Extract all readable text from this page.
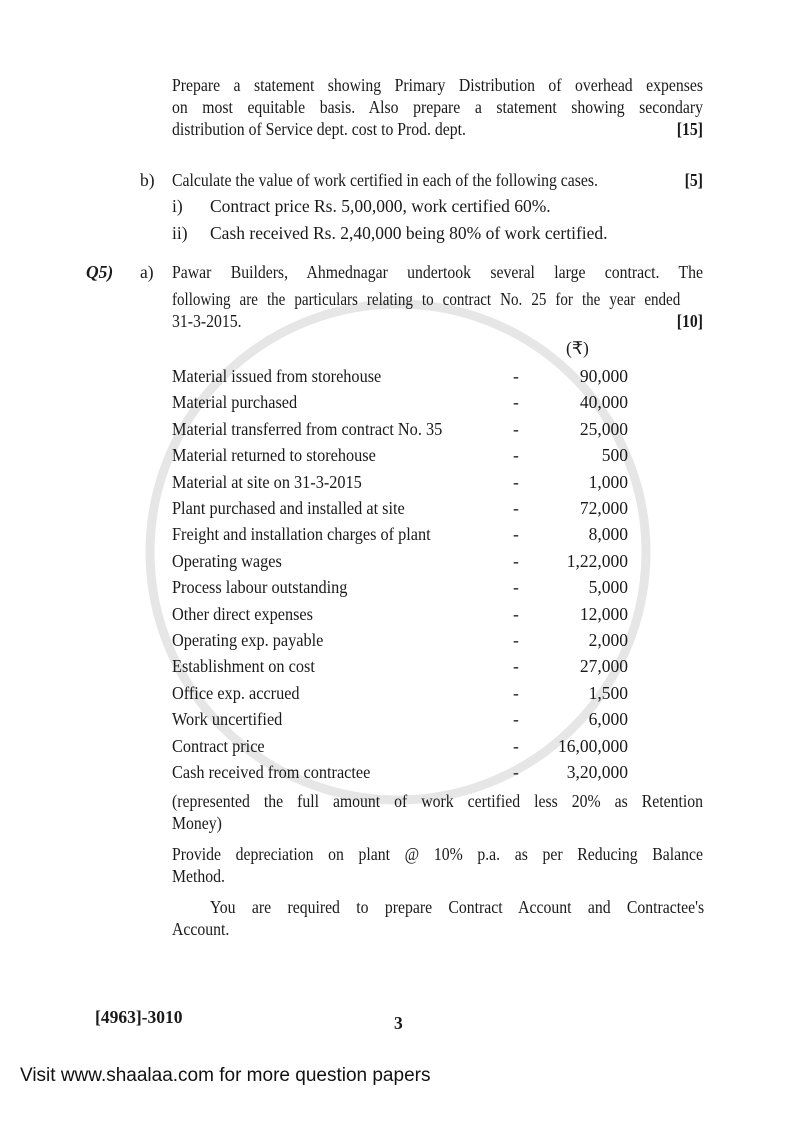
Prepare a statement showing Primary Distribution of overhead expenses
on most equitable basis. Also prepare a statement showing secondary
distribution of Service dept. cost to Prod. dept.	[15]
b) Calculate the value of work certified in each of the following cases.	[5]
i) Contract price Rs. 5,00,000, work certified 60%.
ii) Cash received Rs. 2,40,000 being 80% of work certified.
Q5) a) Pawar Builders, Ahmednagar undertook several large contract. The
following are the particulars relating to contract No. 25 for the year ended
31-3-2015.	[10]
(₹)
Material issued from storehouse	-	90,000
Material purchased	-	40,000
Material transferred from contract No. 35	-	25,000
Material returned to storehouse	-	500
Material at site on 31-3-2015	-	1,000
Plant purchased and installed at site	-	72,000
Freight and installation charges of plant	-	8,000
Operating wages	-	1,22,000
Process labour outstanding	-	5,000
Other direct expenses	-	12,000
Operating exp. payable	-	2,000
Establishment on cost	-	27,000
Office exp. accrued	-	1,500
Work uncertified	-	6,000
Contract price	- 16,00,000
Cash received from contractee	-	3,20,000
(represented the full amount of work certified less 20% as Retention
Money)
Provide depreciation on plant @ 10% p.a. as per Reducing Balance
Method.
You are required to prepare Contract Account and Contractee's
Account.
[4963]-3010	3
Visit www.shaalaa.com for more question papers
